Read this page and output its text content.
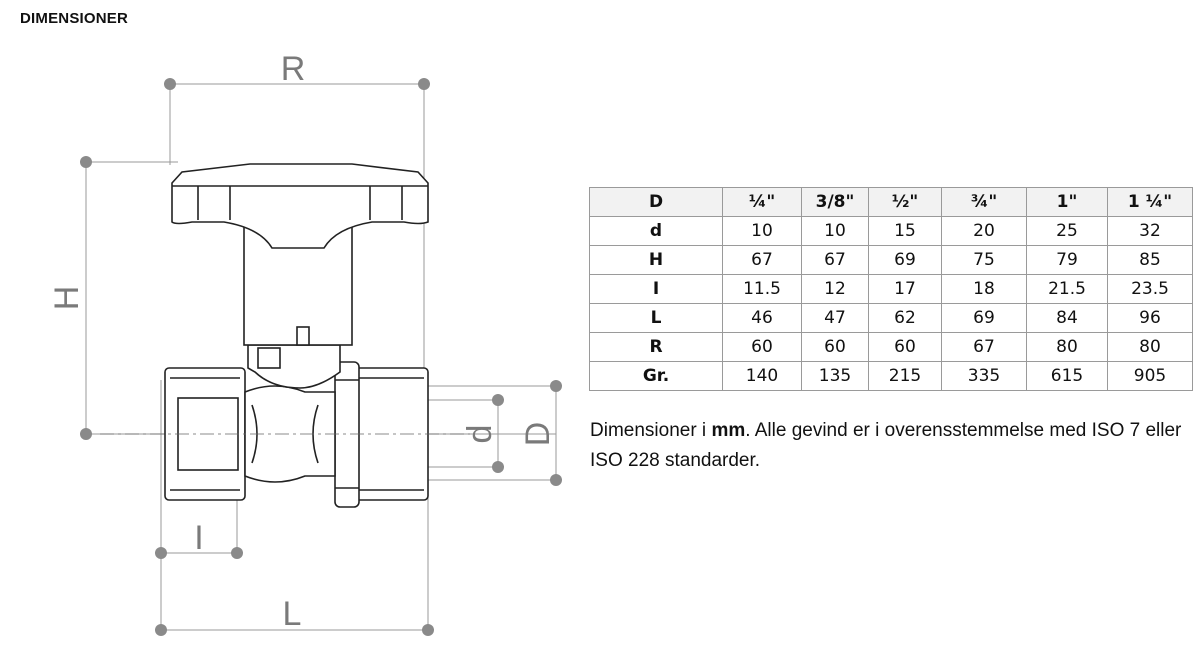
DIMENSIONER
R
H
d D
I
L
D	¼"	3/8"	½"	¾"	1"	1 ¼"
d	10	10	15	20	25	32
H	67	67	69	75	79	85
I	11.5	12	17	18	21.5	23.5
L	46	47	62	69	84	96
R	60	60	60	67	80	80
Gr.	140	135	215	335	615	905
Dimensioner i mm. Alle gevind er i overensstemmelse med ISO 7 eller ISO 228 standarder.
